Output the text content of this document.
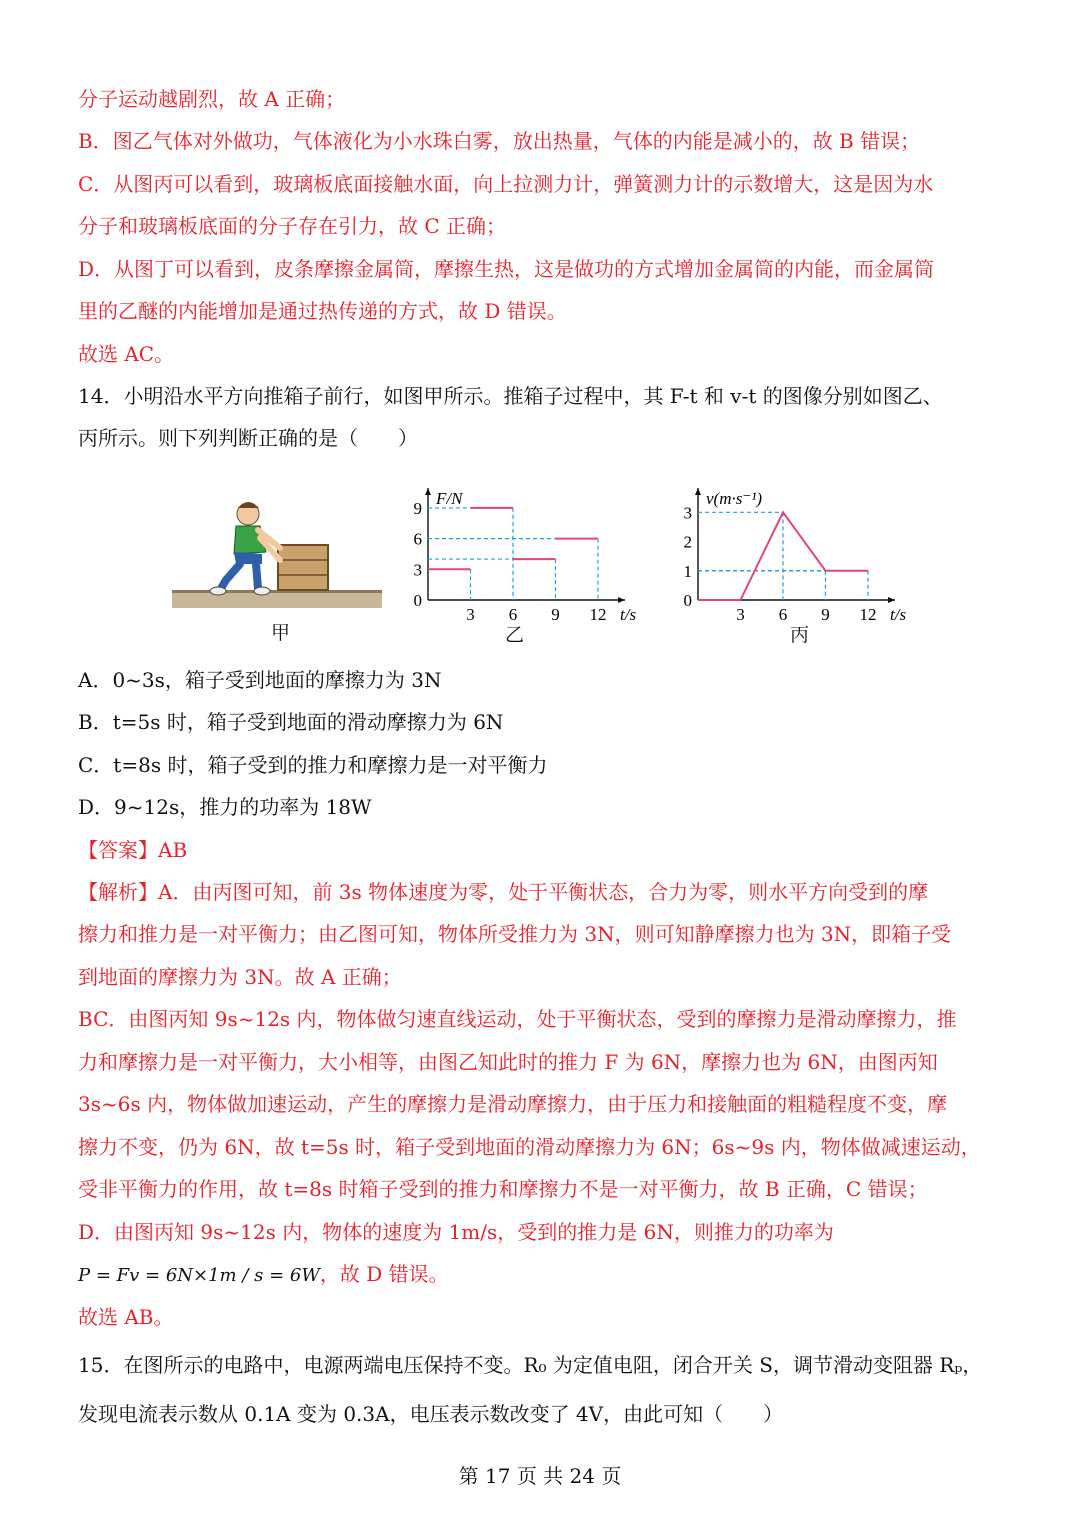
分子运动越剧烈，故 A 正确；
B．图乙气体对外做功，气体液化为小水珠白雾，放出热量，气体的内能是减小的，故 B 错误；
C．从图丙可以看到，玻璃板底面接触水面，向上拉测力计，弹簧测力计的示数增大，这是因为水
分子和玻璃板底面的分子存在引力，故 C 正确；
D．从图丁可以看到，皮条摩擦金属筒，摩擦生热，这是做功的方式增加金属筒的内能，而金属筒
里的乙醚的内能增加是通过热传递的方式，故 D 错误。
故选 AC。
14．小明沿水平方向推箱子前行，如图甲所示。推箱子过程中，其 F-t 和 v-t 的图像分别如图乙、
丙所示。则下列判断正确的是（　　）
甲
F/N
t/s
3 6 9 12
0
3
6
9
乙
v(m·s⁻¹)
t/s
3 6 9 12
0
1
2
3
丙
A．0~3s，箱子受到地面的摩擦力为 3N
B．t=5s 时，箱子受到地面的滑动摩擦力为 6N
C．t=8s 时，箱子受到的推力和摩擦力是一对平衡力
D．9~12s，推力的功率为 18W
【答案】AB
【解析】A．由丙图可知，前 3s 物体速度为零，处于平衡状态，合力为零，则水平方向受到的摩
擦力和推力是一对平衡力；由乙图可知，物体所受推力为 3N，则可知静摩擦力也为 3N，即箱子受
到地面的摩擦力为 3N。故 A 正确；
BC．由图丙知 9s~12s 内，物体做匀速直线运动，处于平衡状态，受到的摩擦力是滑动摩擦力，推
力和摩擦力是一对平衡力，大小相等，由图乙知此时的推力 F 为 6N，摩擦力也为 6N，由图丙知
3s~6s 内，物体做加速运动，产生的摩擦力是滑动摩擦力，由于压力和接触面的粗糙程度不变，摩
擦力不变，仍为 6N，故 t=5s 时，箱子受到地面的滑动摩擦力为 6N；6s~9s 内，物体做减速运动，
受非平衡力的作用，故 t=8s 时箱子受到的推力和摩擦力不是一对平衡力，故 B 正确，C 错误；
D．由图丙知 9s~12s 内，物体的速度为 1m/s，受到的推力是 6N，则推力的功率为
P = Fv = 6N×1m / s = 6W，故 D 错误。
故选 AB。
15．在图所示的电路中，电源两端电压保持不变。R₀ 为定值电阻，闭合开关 S，调节滑动变阻器 Rₚ，
发现电流表示数从 0.1A 变为 0.3A，电压表示数改变了 4V，由此可知（　　）
第 17 页 共 24 页
